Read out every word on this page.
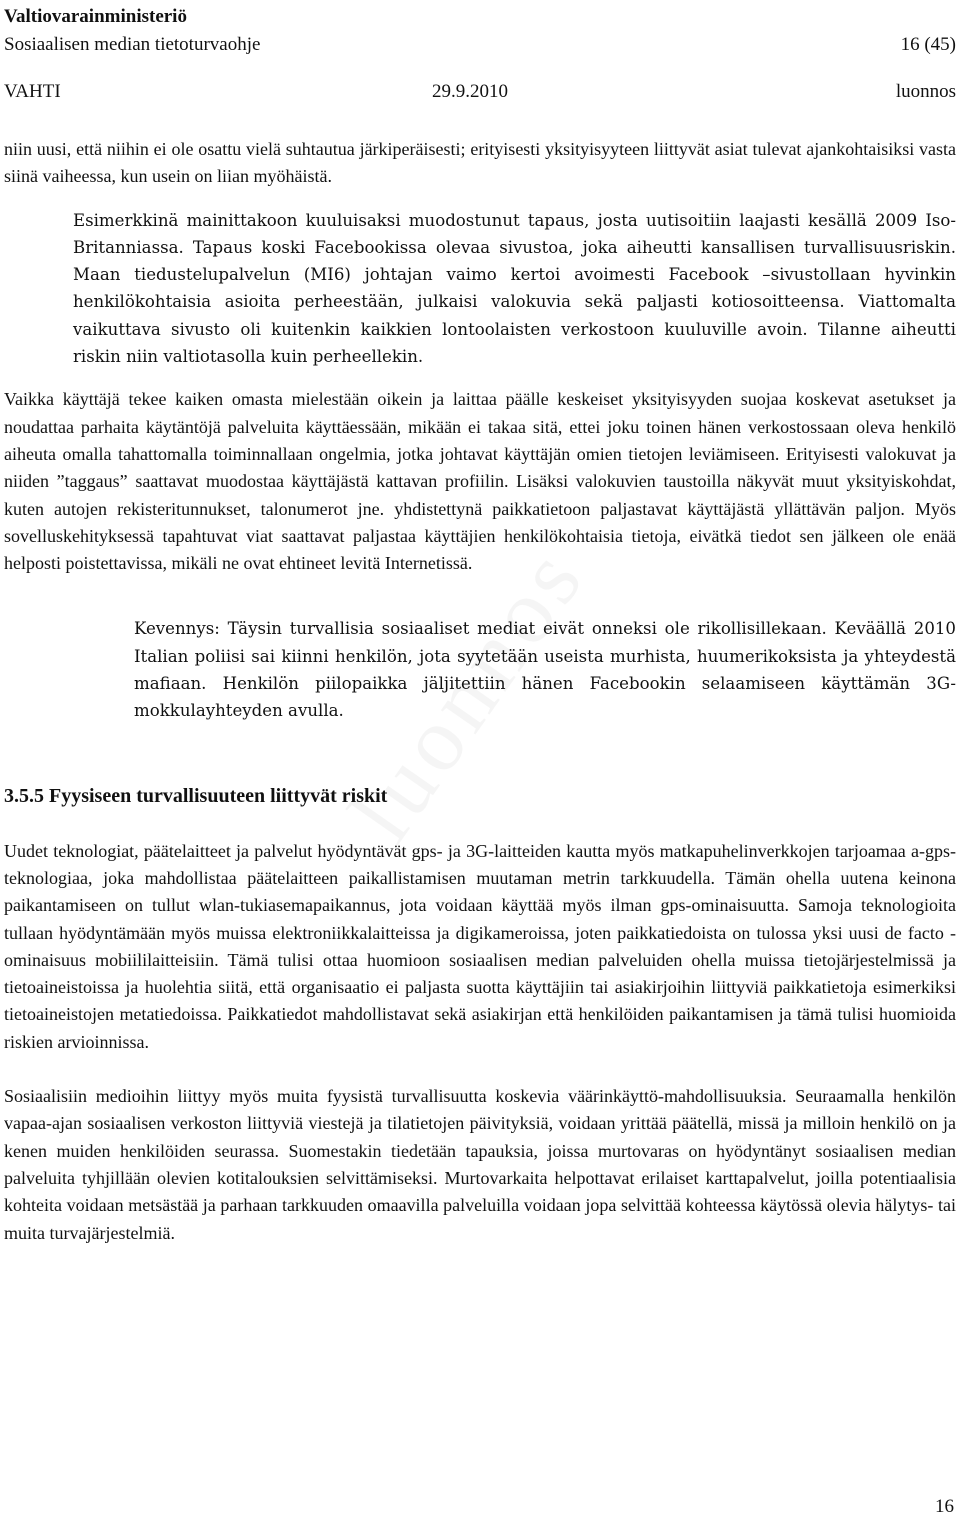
Valtiovarainministeriö
Sosiaalisen median tietoturvaohje	16 (45)
VAHTI	29.9.2010	luonnos

niin uusi, että niihin ei ole osattu vielä suhtautua järkiperäisesti; erityisesti yksityisyyteen liittyvät asiat tulevat ajankohtaisiksi vasta siinä vaiheessa, kun usein on liian myöhäistä.

Esimerkkinä mainittakoon kuuluisaksi muodostunut tapaus, josta uutisoitiin laajasti kesällä 2009 Iso-Britanniassa. Tapaus koski Facebookissa olevaa sivustoa, joka aiheutti kansallisen turvallisuusriskin. Maan tiedustelupalvelun (MI6) johtajan vaimo kertoi avoimesti Facebook –sivustollaan hyvinkin henkilökohtaisia asioita perheestään, julkaisi valokuvia sekä paljasti kotiosoitteensa. Viattomalta vaikuttava sivusto oli kuitenkin kaikkien lontoolaisten verkostoon kuuluville avoin. Tilanne aiheutti riskin niin valtiotasolla kuin perheellekin.

Vaikka käyttäjä tekee kaiken omasta mielestään oikein ja laittaa päälle keskeiset yksityisyyden suojaa koskevat asetukset ja noudattaa parhaita käytäntöjä palveluita käyttäessään, mikään ei takaa sitä, ettei joku toinen hänen verkostossaan oleva henkilö aiheuta omalla tahattomalla toiminnallaan ongelmia, jotka johtavat käyttäjän omien tietojen leviämiseen. Erityisesti valokuvat ja niiden ”taggaus” saattavat muodostaa käyttäjästä kattavan profiilin. Lisäksi valokuvien taustoilla näkyvät muut yksityiskohdat, kuten autojen rekisteritunnukset, talonumerot jne. yhdistettynä paikkatietoon paljastavat käyttäjästä yllättävän paljon. Myös sovelluskehityksessä tapahtuvat viat saattavat paljastaa käyttäjien henkilökohtaisia tietoja, eivätkä tiedot sen jälkeen ole enää helposti poistettavissa, mikäli ne ovat ehtineet levitä Internetissä.

Kevennys: Täysin turvallisia sosiaaliset mediat eivät onneksi ole rikollisillekaan. Keväällä 2010 Italian poliisi sai kiinni henkilön, jota syytetään useista murhista, huumerikoksista ja yhteydestä mafiaan. Henkilön piilopaikka jäljitettiin hänen Facebookin selaamiseen käyttämän 3G-mokkulayhteyden avulla.

3.5.5 Fyysiseen turvallisuuteen liittyvät riskit

Uudet teknologiat, päätelaitteet ja palvelut hyödyntävät gps- ja 3G-laitteiden kautta myös matkapuhelinverkkojen tarjoamaa a-gps-teknologiaa, joka mahdollistaa päätelaitteen paikallistamisen muutaman metrin tarkkuudella. Tämän ohella uutena keinona paikantamiseen on tullut wlan-tukiasemapaikannus, jota voidaan käyttää myös ilman gps-ominaisuutta. Samoja teknologioita tullaan hyödyntämään myös muissa elektroniikkalaitteissa ja digikameroissa, joten paikkatiedoista on tulossa yksi uusi de facto -ominaisuus mobiililaitteisiin. Tämä tulisi ottaa huomioon sosiaalisen median palveluiden ohella muissa tietojärjestelmissä ja tietoaineistoissa ja huolehtia siitä, että organisaatio ei paljasta suotta käyttäjiin tai asiakirjoihin liittyviä paikkatietoja esimerkiksi tietoaineistojen metatiedoissa. Paikkatiedot mahdollistavat sekä asiakirjan että henkilöiden paikantamisen ja tämä tulisi huomioida riskien arvioinnissa.

Sosiaalisiin medioihin liittyy myös muita fyysistä turvallisuutta koskevia väärinkäyttö-mahdollisuuksia. Seuraamalla henkilön vapaa-ajan sosiaalisen verkoston liittyviä viestejä ja tilatietojen päivityksiä, voidaan yrittää päätellä, missä ja milloin henkilö on ja kenen muiden henkilöiden seurassa. Suomestakin tiedetään tapauksia, joissa murtovaras on hyödyntänyt sosiaalisen median palveluita tyhjillään olevien kotitalouksien selvittämiseksi. Murtovarkaita helpottavat erilaiset karttapalvelut, joilla potentiaalisia kohteita voidaan metsästää ja parhaan tarkkuuden omaavilla palveluilla voidaan jopa selvittää kohteessa käytössä olevia hälytys- tai muita turvajärjestelmiä.

16
